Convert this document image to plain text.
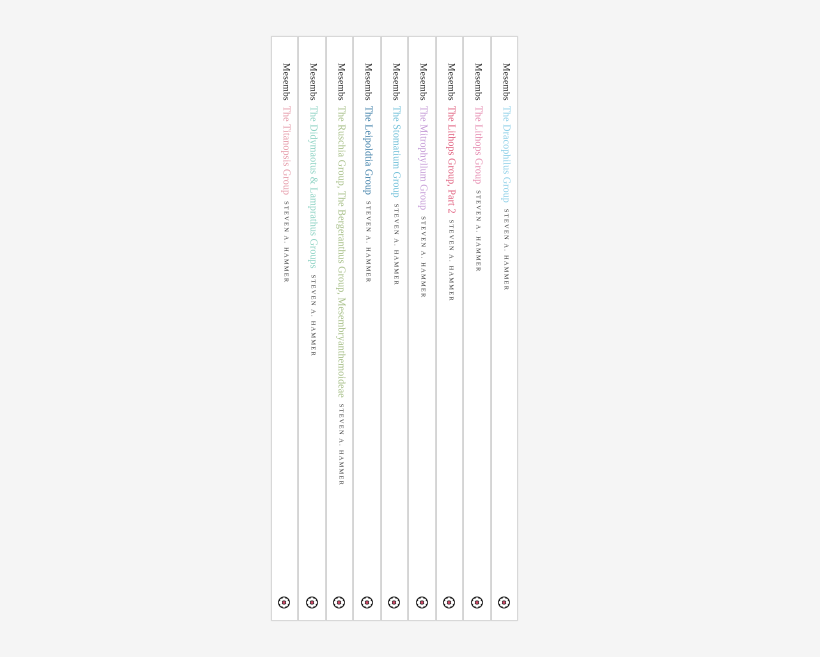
Mesembs
The Dracophilus Group
STEVEN A. HAMMER
Mesembs
The Lithops Group
STEVEN A. HAMMER
Mesembs
The Lithops Group, Part 2
STEVEN A. HAMMER
Mesembs
The Mitrophyllum Group
STEVEN A. HAMMER
Mesembs
The Stomatium Group
STEVEN A. HAMMER
Mesembs
The Leipoldtia Group
STEVEN A. HAMMER
Mesembs
The Ruschia Group, The Bergeranthus Group, Mesembryanthemoideae
STEVEN A. HAMMER
Mesembs
The Didymaotus & Lamprathus Groups
STEVEN A. HAMMER
Mesembs
The Titanopsis Group
STEVEN A. HAMMER
